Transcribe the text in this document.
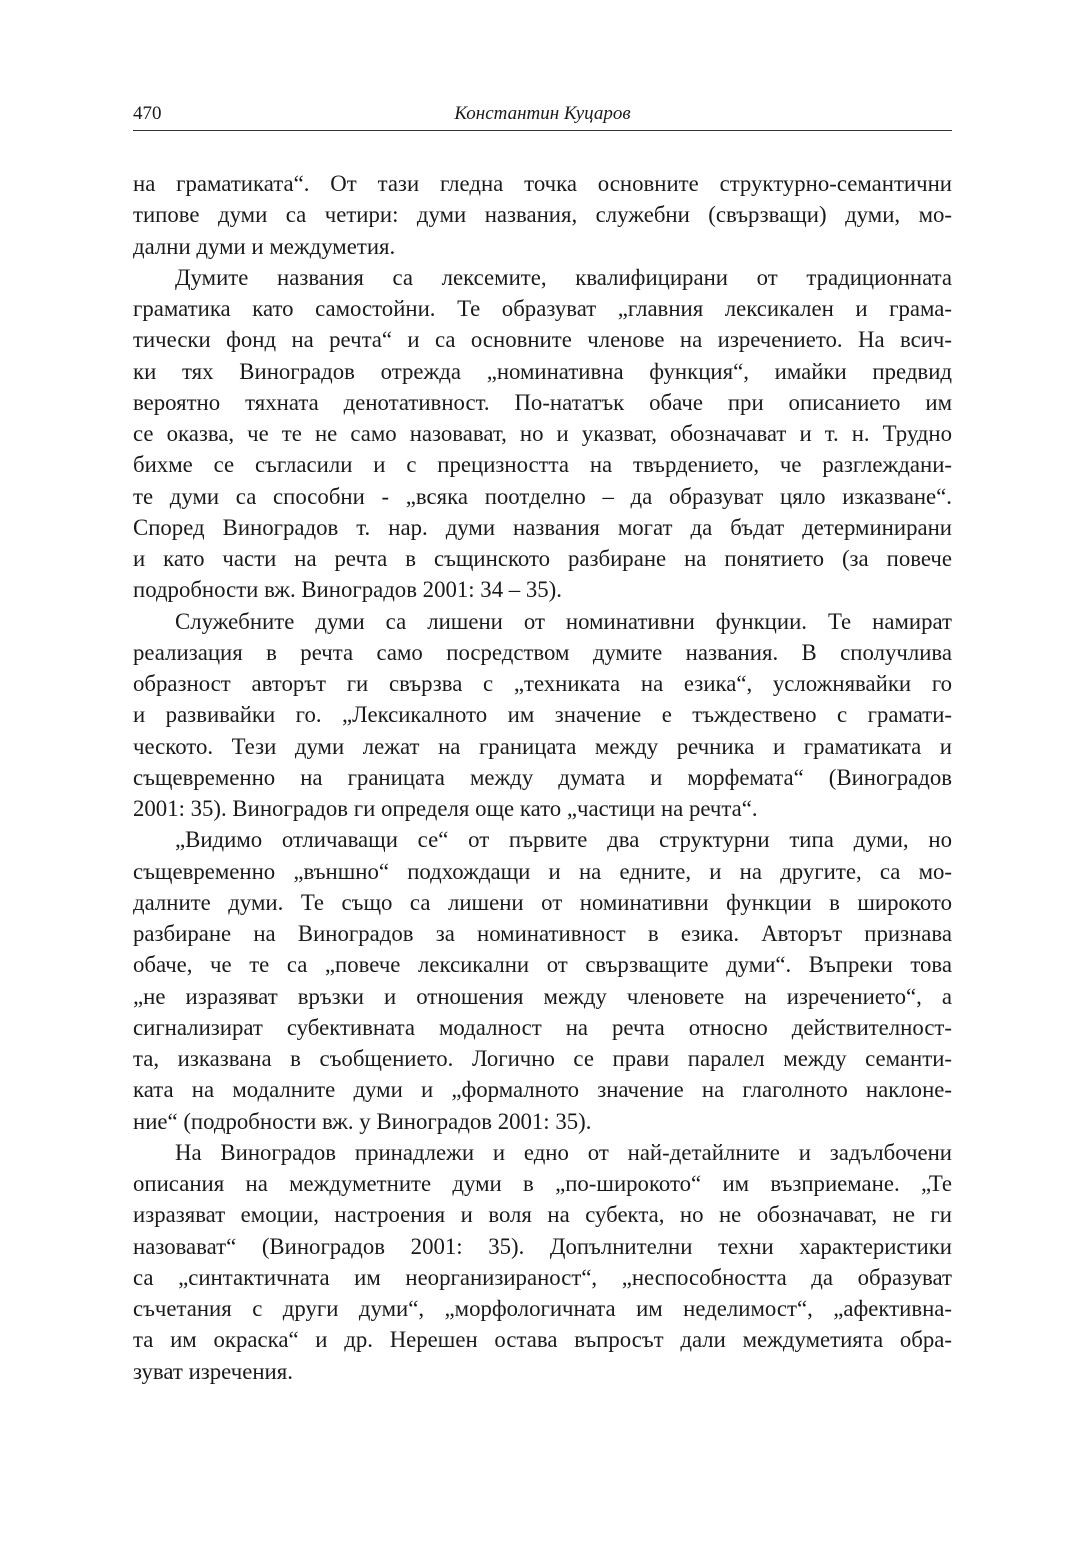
470	Константин Куцаров
на граматиката“. От тази гледна точка основните структурно-семантични
типове думи са четири: думи названия, служебни (свързващи) думи, мо-
дални думи и междуметия.
Думите названия са лексемите, квалифицирани от традиционната
граматика като самостойни. Те образуват „главния лексикален и грама-
тически фонд на речта“ и са основните членове на изречението. На всич-
ки тях Виноградов отрежда „номинативна функция“, имайки предвид
вероятно тяхната денотативност. По-нататък обаче при описанието им
се оказва, че те не само назовават, но и указват, обозначават и т. н. Трудно
бихме се съгласили и с прецизността на твърдението, че разглеждани-
те думи са способни - „всяка поотделно – да образуват цяло изказване“.
Според Виноградов т. нар. думи названия могат да бъдат детерминирани
и като части на речта в същинското разбиране на понятието (за повече
подробности вж. Виноградов 2001: 34 – 35).
Служебните думи са лишени от номинативни функции. Те намират
реализация в речта само посредством думите названия. В сполучлива
образност авторът ги свързва с „техниката на езика“, усложнявайки го
и развивайки го. „Лексикалното им значение е тъждествено с грамати-
ческото. Тези думи лежат на границата между речника и граматиката и
същевременно на границата между думата и морфемата“ (Виноградов
2001: 35). Виноградов ги определя още като „частици на речта“.
„Видимо отличаващи се“ от първите два структурни типа думи, но
същевременно „външно“ подхождащи и на едните, и на другите, са мо-
далните думи. Те също са лишени от номинативни функции в широкото
разбиране на Виноградов за номинативност в езика. Авторът признава
обаче, че те са „повече лексикални от свързващите думи“. Въпреки това
„не изразяват връзки и отношения между членовете на изречението“, а
сигнализират субективната модалност на речта относно действителност-
та, изказвана в съобщението. Логично се прави паралел между семанти-
ката на модалните думи и „формалното значение на глаголното наклоне-
ние“ (подробности вж. у Виноградов 2001: 35).
На Виноградов принадлежи и едно от най-детайлните и задълбочени
описания на междуметните думи в „по-широкото“ им възприемане. „Те
изразяват емоции, настроения и воля на субекта, но не обозначават, не ги
назовават“ (Виноградов 2001: 35). Допълнителни техни характеристики
са „синтактичната им неорганизираност“, „неспособността да образуват
съчетания с други думи“, „морфологичната им неделимост“, „афективна-
та им окраска“ и др. Нерешен остава въпросът дали междуметията обра-
зуват изречения.
